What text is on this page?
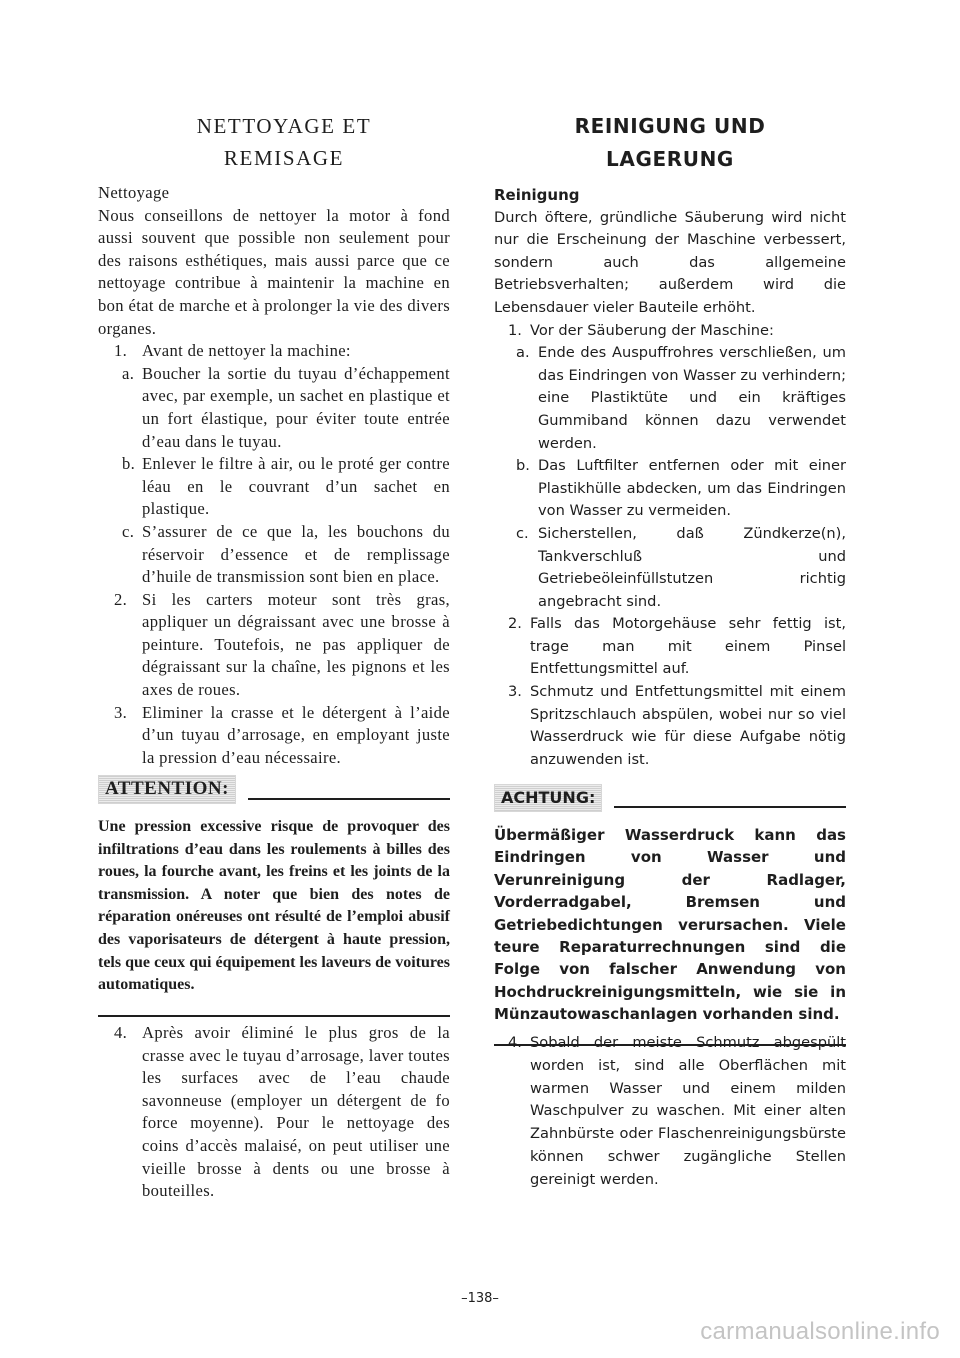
NETTOYAGE ET
REMISAGE
Nettoyage

Nous conseillons de nettoyer la motor à fond aussi souvent que possible non seulement pour des raisons esthétiques, mais aussi parce que ce nettoyage contribue à maintenir la machine en bon état de marche et à prolonger la vie des divers organes.

1. Avant de nettoyer la machine:
a. Boucher la sortie du tuyau d’échappement avec, par exemple, un sachet en plastique et un fort élastique, pour éviter toute entrée d’eau dans le tuyau.
b. Enlever le filtre à air, ou le proté ger contre léau en le couvrant d’un sachet en plastique.
c. S’assurer de ce que la, les bouchons du réservoir d’essence et de remplissage d’huile de transmission sont bien en place.
2. Si les carters moteur sont très gras, appliquer un dégraissant avec une brosse à peinture. Toutefois, ne pas appliquer de dégraissant sur la chaîne, les pignons et les axes de roues.
3. Eliminer la crasse et le détergent à l’aide d’un tuyau d’arrosage, en employant juste la pression d’eau nécessaire.
REINIGUNG UND
LAGERUNG
Reinigung

Durch öftere, gründliche Säuberung wird nicht nur die Erscheinung der Maschine verbessert, sondern auch das allgemeine Betriebsverhalten; außerdem wird die Lebensdauer vieler Bauteile erhöht.

1. Vor der Säuberung der Maschine:
a. Ende des Auspuffrohres verschließen, um das Eindringen von Wasser zu verhindern; eine Plastiktüte und ein kräftiges Gummiband können dazu verwendet werden.
b. Das Luftfilter entfernen oder mit einer Plastikhülle abdecken, um das Eindringen von Wasser zu vermeiden.
c. Sicherstellen, daß Zündkerze(n), Tankverschluß und Getriebeöleinfüllstutzen richtig angebracht sind.
2. Falls das Motorgehäuse sehr fettig ist, trage man mit einem Pinsel Entfettungsmittel auf.
3. Schmutz und Entfettungsmittel mit einem Spritzschlauch abspülen, wobei nur so viel Wasserdruck wie für diese Aufgabe nötig anzuwenden ist.
ATTENTION:

Une pression excessive risque de provoquer des infiltrations d’eau dans les roulements à billes des roues, la fourche avant, les freins et les joints de la transmission. A noter que bien des notes de réparation onéreuses ont résulté de l’emploi abusif des vaporisateurs de détergent à haute pression, tels que ceux qui équipement les laveurs de voitures automatiques.

ACHTUNG:

Übermäßiger Wasserdruck kann das Eindringen von Wasser und Verunreinigung der Radlager, Vorderradgabel, Bremsen und Getriebedichtungen verursachen. Viele teure Reparaturrechnungen sind die Folge von falscher Anwendung von Hochdruckreinigungsmitteln, wie sie in Münzautowaschanlagen vorhanden sind.

4. Après avoir éliminé le plus gros de la crasse avec le tuyau d’arrosage, laver toutes les surfaces avec de l’eau chaude savonneuse (employer un détergent de fo force moyenne). Pour le nettoyage des coins d’accès malaisé, on peut utiliser une vieille brosse à dents ou une brosse à bouteilles.
4. Sobald der meiste Schmutz abgespült worden ist, sind alle Oberflächen mit warmen Wasser und einem milden Waschpulver zu waschen. Mit einer alten Zahnbürste oder Flaschenreinigungsbürste können schwer zugängliche Stellen gereinigt werden.
–138–
carmanualsonline.info
